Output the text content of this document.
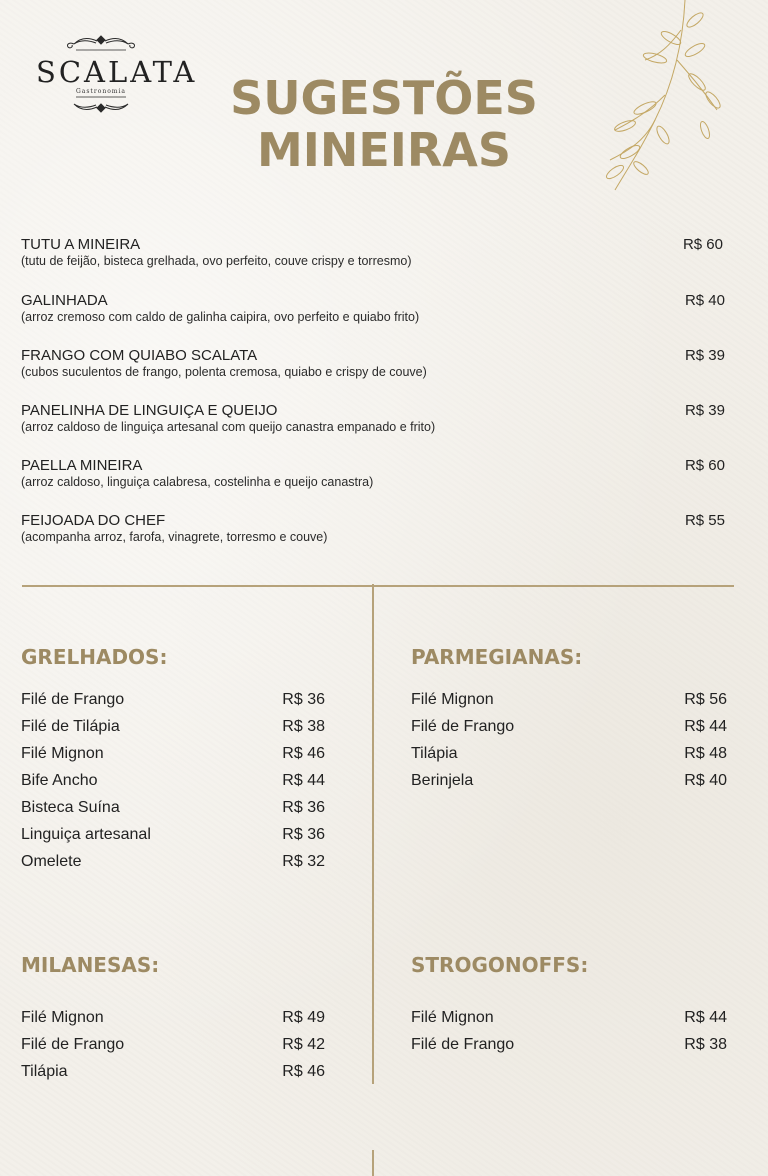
SCALATA
Gastronomia	SUGESTÕES
MINEIRAS
TUTU A MINEIRA
(tutu de feijão, bisteca grelhada, ovo perfeito, couve crispy e torresmo)
R$ 60
GALINHADA
(arroz cremoso com caldo de galinha caipira, ovo perfeito e quiabo frito)
R$ 40
FRANGO COM QUIABO SCALATA
(cubos suculentos de frango, polenta cremosa, quiabo e crispy de couve)
R$ 39
PANELINHA DE LINGUIÇA E QUEIJO
(arroz caldoso de linguiça artesanal com queijo canastra empanado e frito)
R$ 39
PAELLA MINEIRA
(arroz caldoso, linguiça calabresa, costelinha e queijo canastra)
R$ 60
FEIJOADA DO CHEF
(acompanha arroz, farofa, vinagrete, torresmo e couve)
R$ 55
GRELHADOS:
Filé de Frango	R$ 36
Filé de Tilápia	R$ 38
Filé Mignon	R$ 46
Bife Ancho	R$ 44
Bisteca Suína	R$ 36
Linguiça artesanal	R$ 36
Omelete	R$ 32
PARMEGIANAS:
Filé Mignon	R$ 56
Filé de Frango	R$ 44
Tilápia	R$ 48
Berinjela	R$ 40
MILANESAS:
Filé Mignon	R$ 49
Filé de Frango	R$ 42
Tilápia	R$ 46
STROGONOFFS:
Filé Mignon	R$ 44
Filé de Frango	R$ 38
